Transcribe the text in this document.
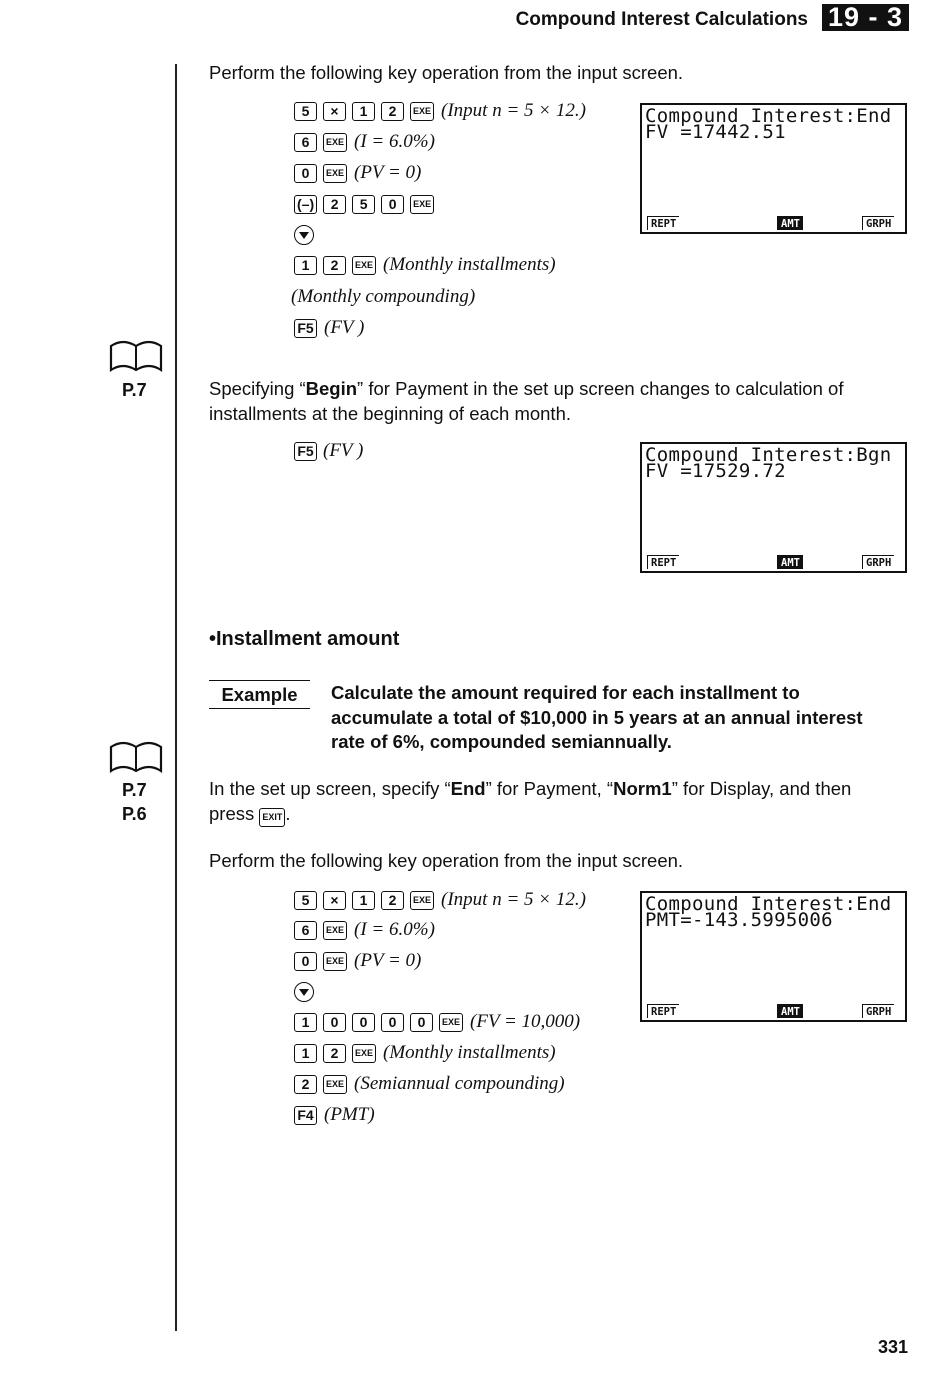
Compound Interest Calculations 19 - 3
Perform the following key operation from the input screen.
5	×	1	2	EXE (Input n = 5 × 12.)
6	EXE (I = 6.0%)
0	EXE (PV = 0)
(–)	2	5	0	EXE
1	2	EXE (Monthly installments)
(Monthly compounding)
F5 (FV )
Compound Interest:End
FV =17442.51
REPT	AMT	GRPH
P.7	Specifying “Begin” for Payment in the set up screen changes to calculation of
installments at the beginning of each month.
F5 (FV )	Compound Interest:Bgn
FV =17529.72
REPT	AMT	GRPH
•Installment amount
Example	Calculate the amount required for each installment to
accumulate a total of $10,000 in 5 years at an annual interest
rate of 6%, compounded semiannually.
P.7
P.6
In the set up screen, specify “End” for Payment, “Norm1” for Display, and then
press EXIT .
Perform the following key operation from the input screen.
5	×	1	2	EXE (Input n = 5 × 12.)
6	EXE (I = 6.0%)
0	EXE (PV = 0)
1	0	0	0	0	EXE (FV = 10,000)
1	2	EXE (Monthly installments)
2	EXE (Semiannual compounding)
F4 (PMT)
Compound Interest:End
PMT=-143.5995006
REPT	AMT	GRPH
331
